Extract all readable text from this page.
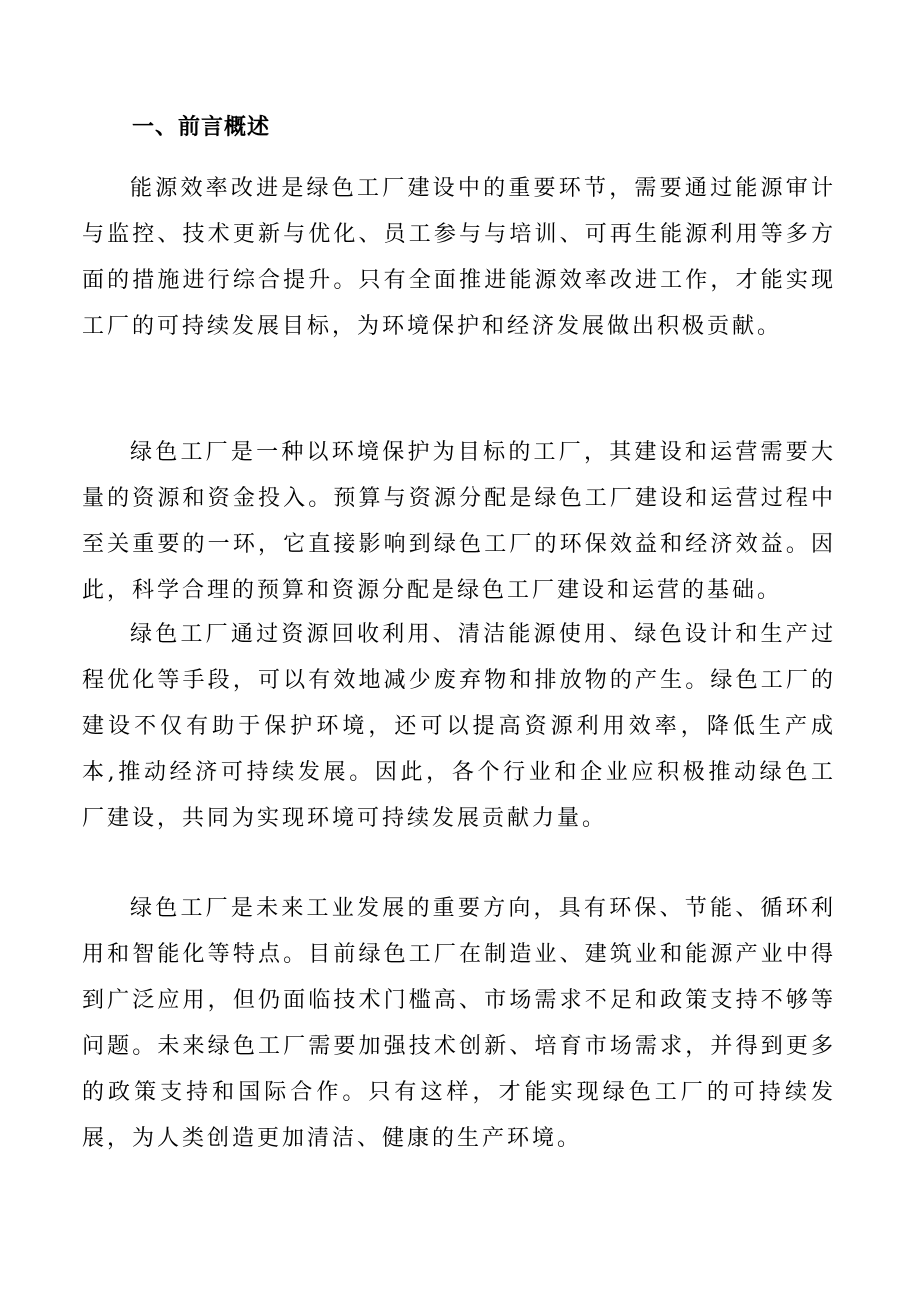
一、前言概述

能源效率改进是绿色工厂建设中的重要环节，需要通过能源审计与监控、技术更新与优化、员工参与与培训、可再生能源利用等多方面的措施进行综合提升。只有全面推进能源效率改进工作，才能实现工厂的可持续发展目标，为环境保护和经济发展做出积极贡献。

绿色工厂是一种以环境保护为目标的工厂，其建设和运营需要大量的资源和资金投入。预算与资源分配是绿色工厂建设和运营过程中至关重要的一环，它直接影响到绿色工厂的环保效益和经济效益。因此，科学合理的预算和资源分配是绿色工厂建设和运营的基础。

绿色工厂通过资源回收利用、清洁能源使用、绿色设计和生产过程优化等手段，可以有效地减少废弃物和排放物的产生。绿色工厂的建设不仅有助于保护环境，还可以提高资源利用效率，降低生产成本,推动经济可持续发展。因此，各个行业和企业应积极推动绿色工厂建设，共同为实现环境可持续发展贡献力量。

绿色工厂是未来工业发展的重要方向，具有环保、节能、循环利用和智能化等特点。目前绿色工厂在制造业、建筑业和能源产业中得到广泛应用，但仍面临技术门槛高、市场需求不足和政策支持不够等问题。未来绿色工厂需要加强技术创新、培育市场需求，并得到更多的政策支持和国际合作。只有这样，才能实现绿色工厂的可持续发展，为人类创造更加清洁、健康的生产环境。
